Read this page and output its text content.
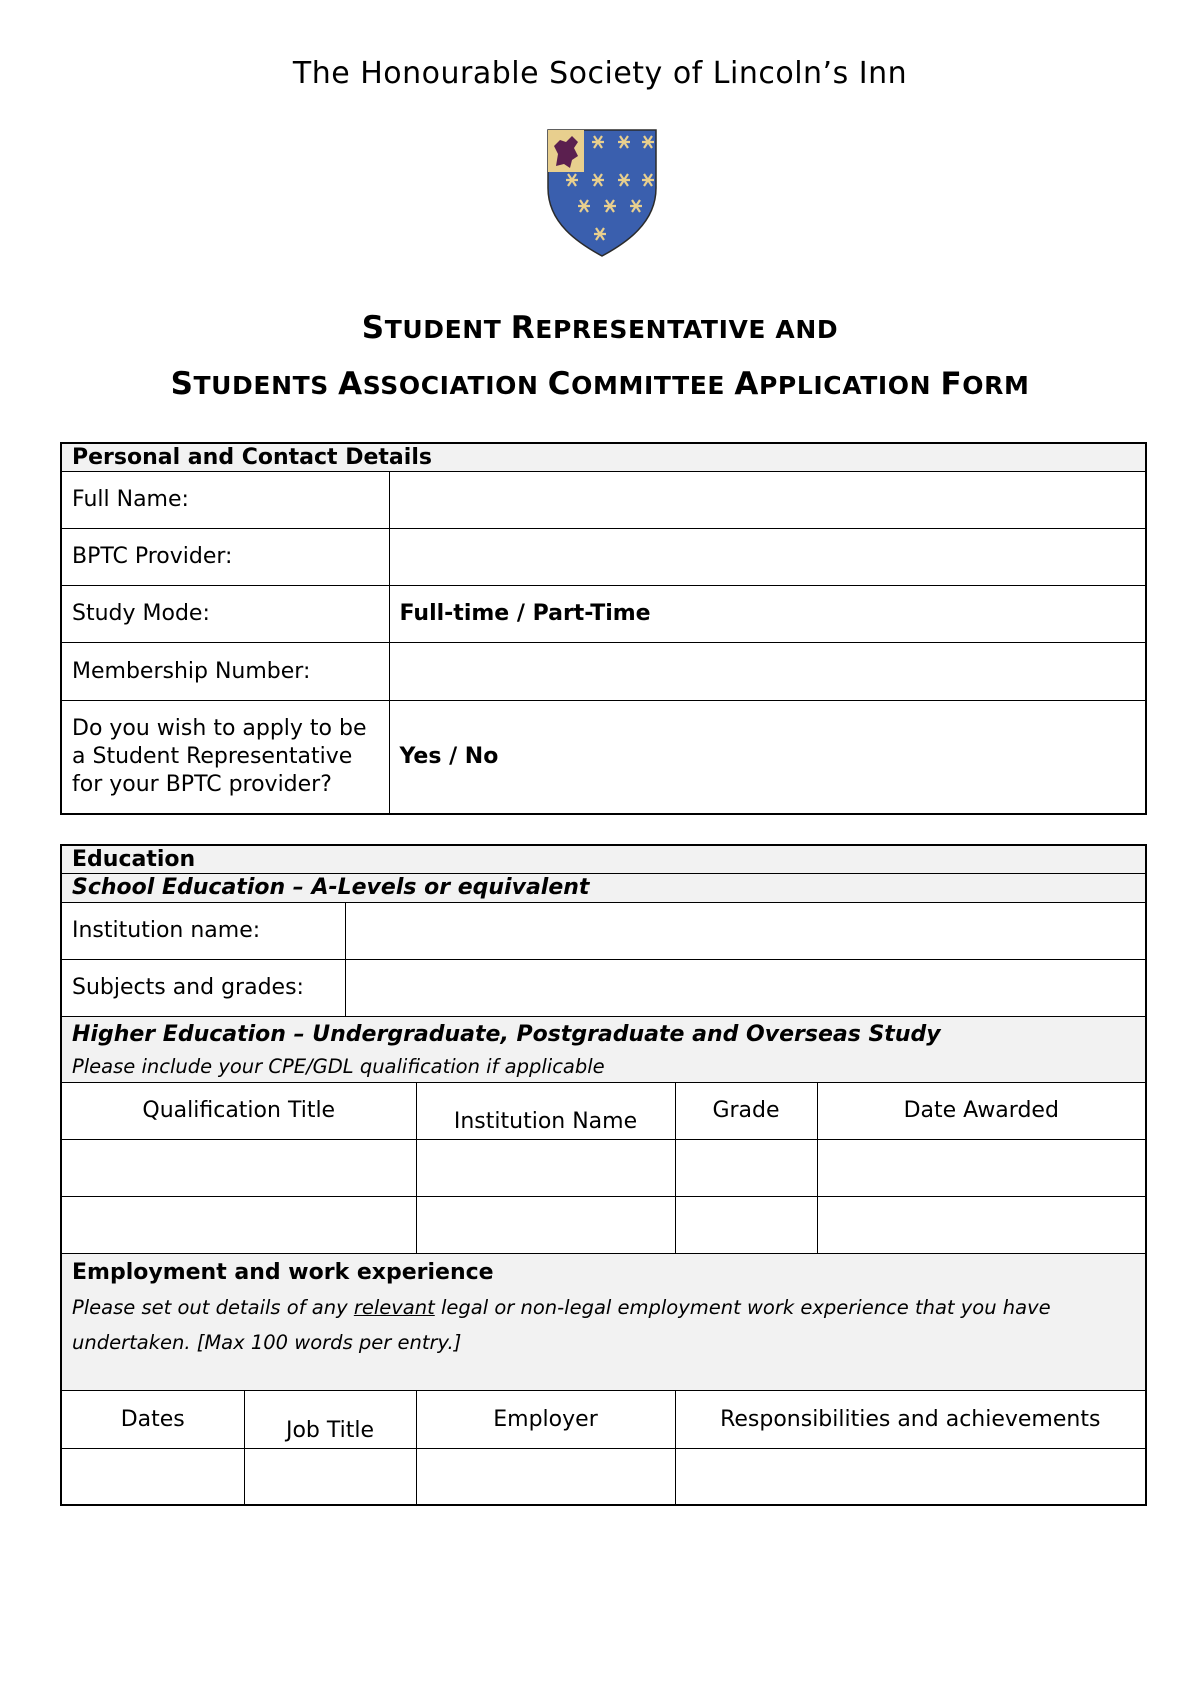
The Honourable Society of Lincoln’s Inn
STUDENT REPRESENTATIVE AND
STUDENTS ASSOCIATION COMMITTEE APPLICATION FORM
Personal and Contact Details	
Full Name:	
BPTC Provider:	
Study Mode:	Full-time / Part-Time
Membership Number:	
Do you wish to apply to be a Student Representative for your BPTC provider?	Yes / No
Education					
School Education – A-Levels or equivalent					
Institution name:					
Subjects and grades:					

Higher Education – Undergraduate, Postgraduate and Overseas Study
Please include your CPE/GDL qualification if applicable					

Qualification Title			Institution Name	Grade	Date Awarded

Employment and work experience
Please set out details of any relevant legal or non-legal employment work experience that you have undertaken. [Max 100 words per entry.]					

Dates	Job Title		Employer	Responsibilities and achievements	
